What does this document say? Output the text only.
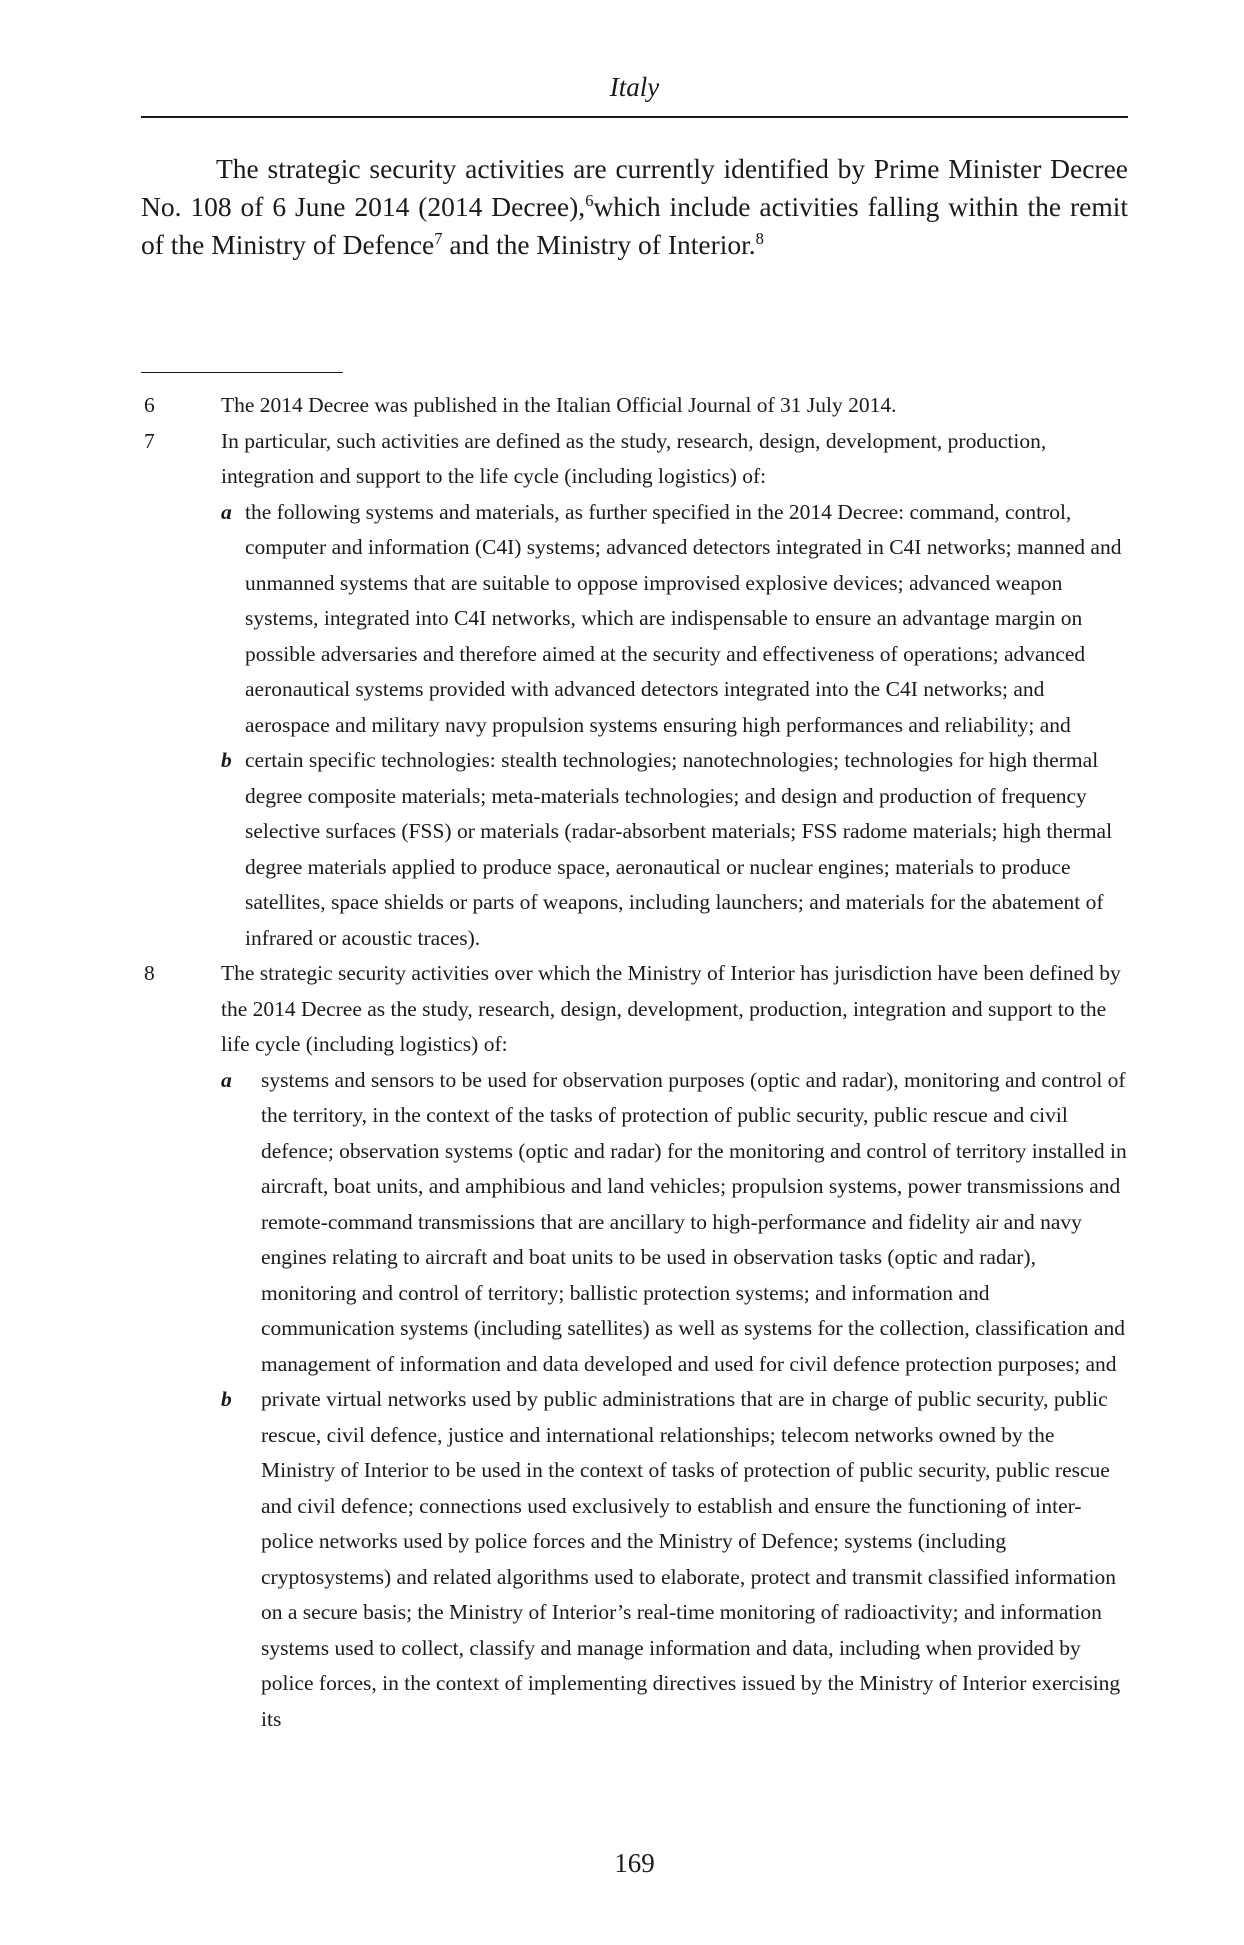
Italy

The strategic security activities are currently identified by Prime Minister Decree No. 108 of 6 June 2014 (2014 Decree),$^6$which include activities falling within the remit of the Ministry of Defence$^7$ and the Ministry of Interior.$^8$

6	The 2014 Decree was published in the Italian Official Journal of 31 July 2014.

7	In particular, such activities are defined as the study, research, design, development, production, integration and support to the life cycle (including logistics) of:

a the following systems and materials, as further specified in the 2014 Decree: command, control, computer and information (C4I) systems; advanced detectors integrated in C4I networks; manned and unmanned systems that are suitable to oppose improvised explosive devices; advanced weapon systems, integrated into C4I networks, which are indispensable to ensure an advantage margin on possible adversaries and therefore aimed at the security and effectiveness of operations; advanced aeronautical systems provided with advanced detectors integrated into the C4I networks; and aerospace and military navy propulsion systems ensuring high performances and reliability; and

b certain specific technologies: stealth technologies; nanotechnologies; technologies for high thermal degree composite materials; meta-materials technologies; and design and production of frequency selective surfaces (FSS) or materials (radar-absorbent materials; FSS radome materials; high thermal degree materials applied to produce space, aeronautical or nuclear engines; materials to produce satellites, space shields or parts of weapons, including launchers; and materials for the abatement of infrared or acoustic traces).

8	The strategic security activities over which the Ministry of Interior has jurisdiction have been defined by the 2014 Decree as the study, research, design, development, production, integration and support to the life cycle (including logistics) of:

a systems and sensors to be used for observation purposes (optic and radar), monitoring and control of the territory, in the context of the tasks of protection of public security, public rescue and civil defence; observation systems (optic and radar) for the monitoring and control of territory installed in aircraft, boat units, and amphibious and land vehicles; propulsion systems, power transmissions and remote-command transmissions that are ancillary to high-performance and fidelity air and navy engines relating to aircraft and boat units to be used in observation tasks (optic and radar), monitoring and control of territory; ballistic protection systems; and information and communication systems (including satellites) as well as systems for the collection, classification and management of information and data developed and used for civil defence protection purposes; and

b private virtual networks used by public administrations that are in charge of public security, public rescue, civil defence, justice and international relationships; telecom networks owned by the Ministry of Interior to be used in the context of tasks of protection of public security, public rescue and civil defence; connections used exclusively to establish and ensure the functioning of inter-police networks used by police forces and the Ministry of Defence; systems (including cryptosystems) and related algorithms used to elaborate, protect and transmit classified information on a secure basis; the Ministry of Interior’s real-time monitoring of radioactivity; and information systems used to collect, classify and manage information and data, including when provided by police forces, in the context of implementing directives issued by the Ministry of Interior exercising its

169
